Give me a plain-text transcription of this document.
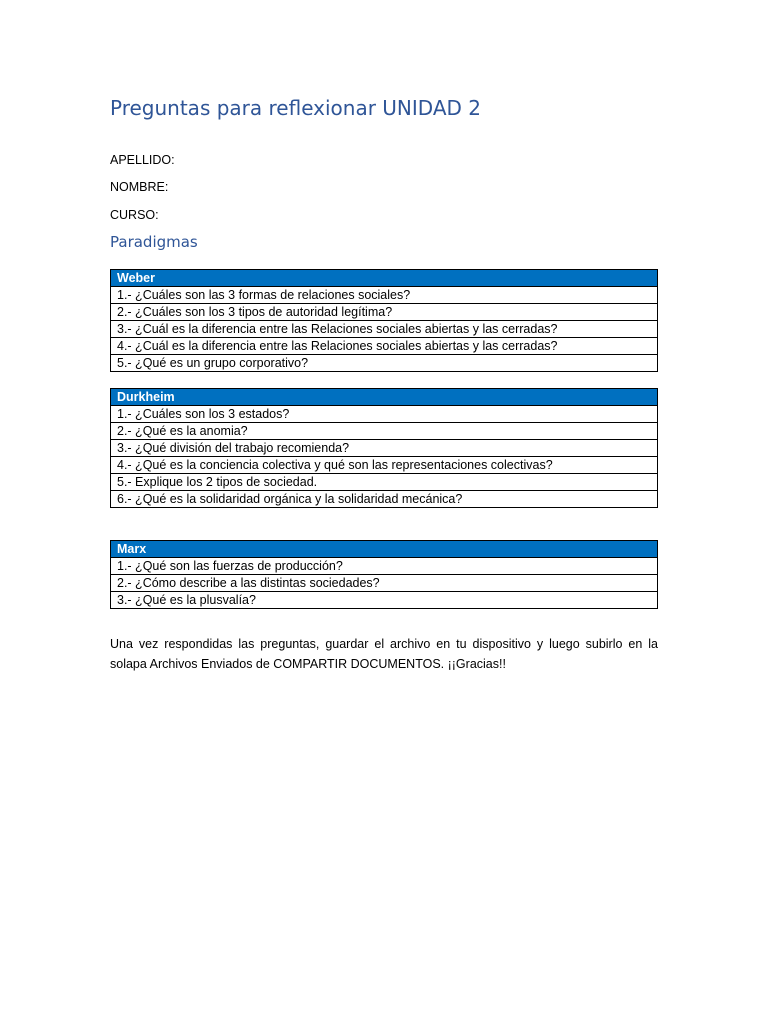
Preguntas para reflexionar UNIDAD 2
APELLIDO:
NOMBRE:
CURSO:
Paradigmas
Weber
1.- ¿Cuáles son las 3 formas de relaciones sociales?
2.- ¿Cuáles son los 3 tipos de autoridad legítima?
3.- ¿Cuál es la diferencia entre las Relaciones sociales abiertas y las cerradas?
4.- ¿Cuál es la diferencia entre las Relaciones sociales abiertas y las cerradas?
5.- ¿Qué es un grupo corporativo?
Durkheim
1.- ¿Cuáles son los 3 estados?
2.- ¿Qué es la anomia?
3.- ¿Qué división del trabajo recomienda?
4.- ¿Qué es la conciencia colectiva y qué son las representaciones colectivas?
5.- Explique los 2 tipos de sociedad.
6.- ¿Qué es la solidaridad orgánica y la solidaridad mecánica?
Marx
1.- ¿Qué son las fuerzas de producción?
2.- ¿Cómo describe a las distintas sociedades?
3.- ¿Qué es la plusvalía?

Una vez respondidas las preguntas, guardar el archivo en tu dispositivo y luego subirlo en la solapa Archivos Enviados de COMPARTIR DOCUMENTOS. ¡¡Gracias!!
